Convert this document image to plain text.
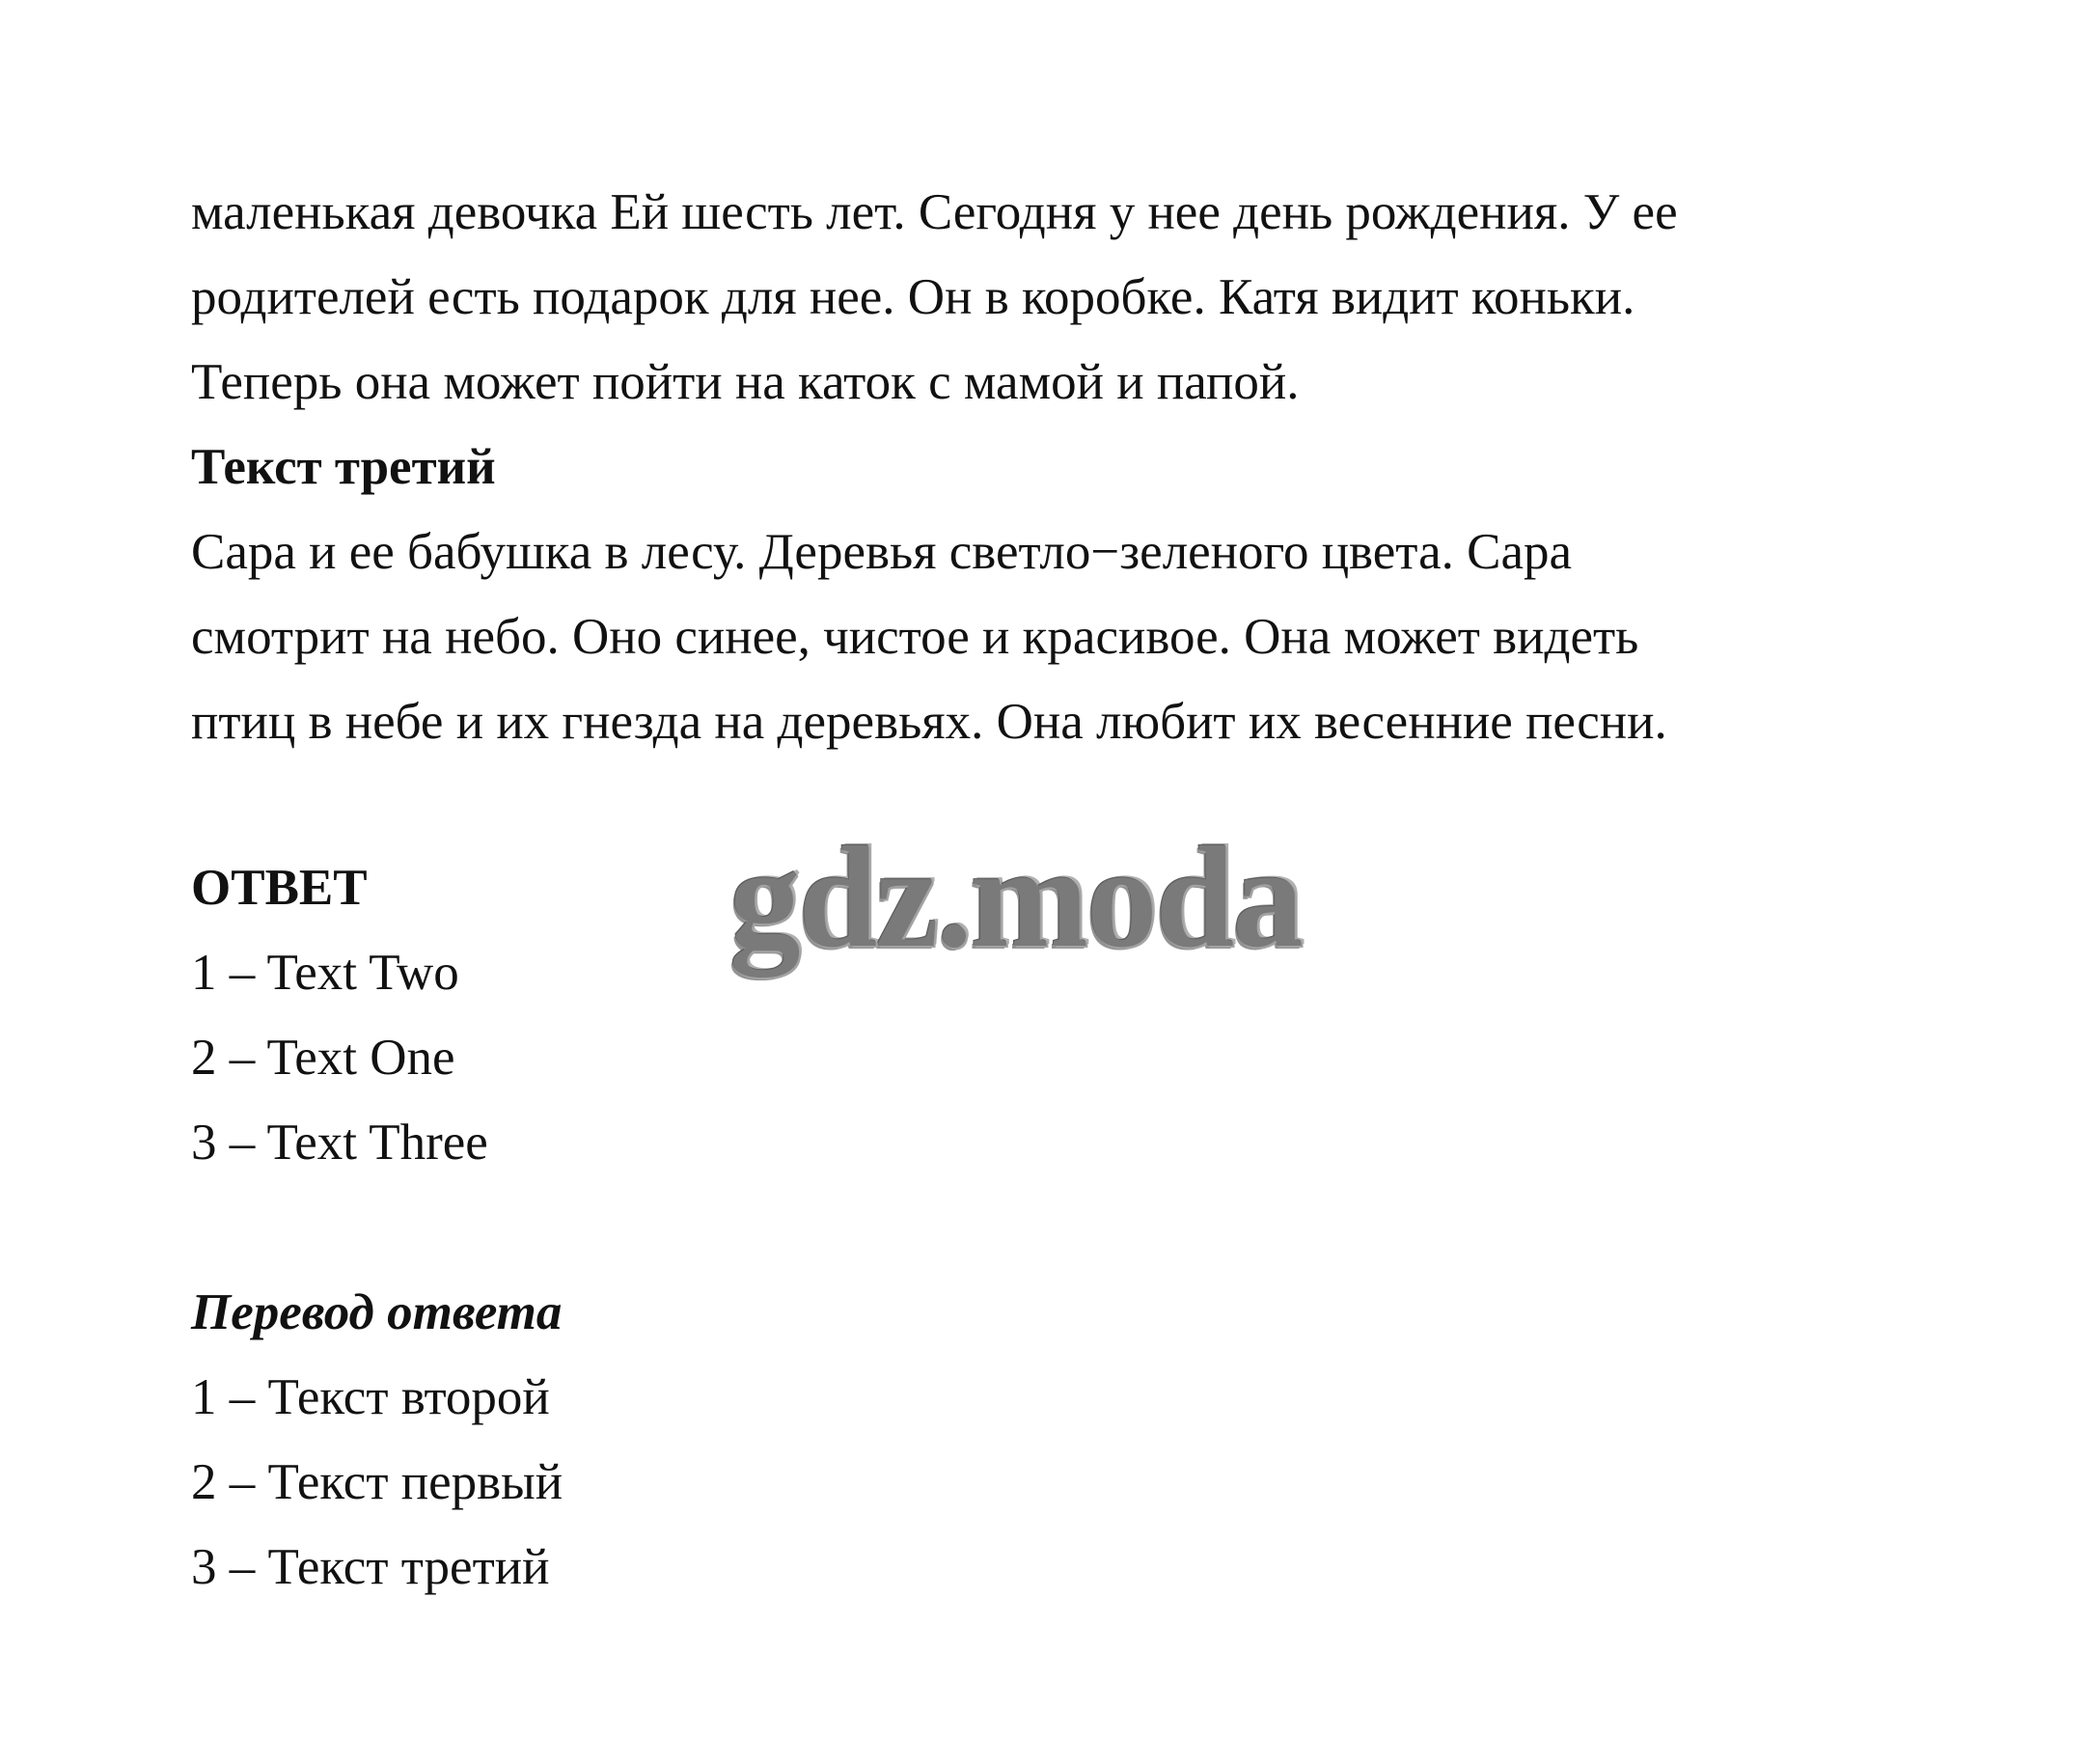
маленькая девочка Ей шесть лет. Сегодня у нее день рождения. У ее
родителей есть подарок для нее. Он в коробке. Катя видит коньки.
Теперь она может пойти на каток с мамой и папой.
Текст третий
Сара и ее бабушка в лесу. Деревья светло−зеленого цвета. Сара
смотрит на небо. Оно синее, чистое и красивое. Она может видеть
птиц в небе и их гнезда на деревьях. Она любит их весенние песни.
ОТВЕТ
1 – Text Two
2 – Text One
3 – Text Three
Перевод ответа
1 – Текст второй
2 – Текст первый
3 – Текст третий
gdz.moda
